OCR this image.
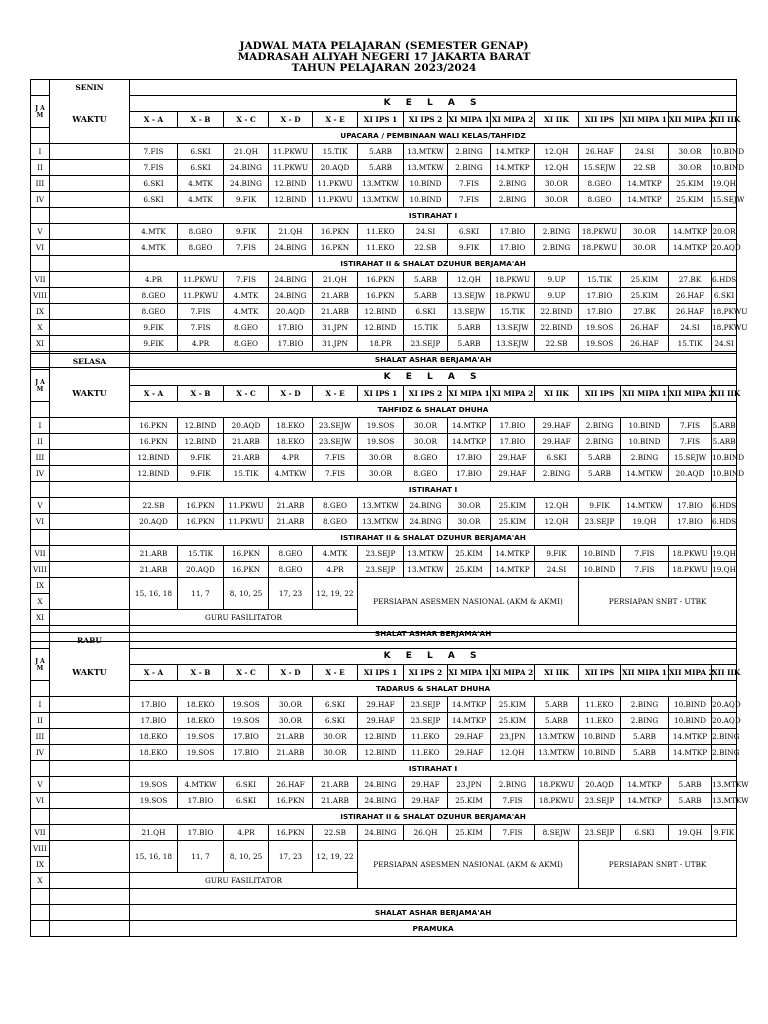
JADWAL MATA PELAJARAN (SEMESTER GENAP)
MADRASAH ALIYAH NEGERI 17 JAKARTA BARAT
TAHUN PELAJARAN 2023/2024
	SENIN														
J A M	WAKTU	K E L A S													
		X - A	X - B	X - C	X - D	X - E	XI IPS 1	XI IPS 2	XI MIPA 1	XI MIPA 2	XI IIK	XII IPS	XII MIPA 1	XII MIPA 2	XII IIK
		UPACARA / PEMBINAAN WALI KELAS/TAHFIDZ													
I		7.FIS	6.SKI	21.QH	11.PKWU	15.TIK	5.ARB	13.MTKW	2.BING	14.MTKP	12.QH	26.HAF	24.SI	30.OR	10.BIND
II		7.FIS	6.SKI	24.BING	11.PKWU	20.AQD	5.ARB	13.MTKW	2.BING	14.MTKP	12.QH	15.SEJW	22.SB	30.OR	10.BIND
III		6.SKI	4.MTK	24.BING	12.BIND	11.PKWU	13.MTKW	10.BIND	7.FIS	2.BING	30.OR	8.GEO	14.MTKP	25.KIM	19.QH
IV		6.SKI	4.MTK	9.FIK	12.BIND	11.PKWU	13.MTKW	10.BIND	7.FIS	2.BING	30.OR	8.GEO	14.MTKP	25.KIM	15.SEJW
		ISTIRAHAT I													
V		4.MTK	8.GEO	9.FIK	21.QH	16.PKN	11.EKO	24.SI	6.SKI	17.BIO	2.BING	18.PKWU	30.OR	14.MTKP	20.OR
VI		4.MTK	8.GEO	7.FIS	24.BING	16.PKN	11.EKO	22.SB	9.FIK	17.BIO	2.BING	18.PKWU	30.OR	14.MTKP	20.AQD
		ISTIRAHAT II & SHALAT DZUHUR BERJAMA'AH													
VII		4.PR	11.PKWU	7.FIS	24.BING	21.QH	16.PKN	5.ARB	12.QH	18.PKWU	9.UP	15.TIK	25.KIM	27.BK	6.HDS
VIII		8.GEO	11.PKWU	4.MTK	24.BING	21.ARB	16.PKN	5.ARB	13.SEJW	18.PKWU	9.UP	17.BIO	25.KIM	26.HAF	6.SKI
IX		8.GEO	7.FIS	4.MTK	20.AQD	21.ARB	12.BIND	6.SKI	13.SEJW	15.TIK	22.BIND	17.BIO	27.BK	26.HAF	18.PKWU
X		9.FIK	7.FIS	8.GEO	17.BIO	31.JPN	12.BIND	15.TIK	5.ARB	13.SEJW	22.BIND	19.SOS	26.HAF	24.SI	18.PKWU
XI		9.FIK	4.PR	8.GEO	17.BIO	31.JPN	18.PR	23.SEJP	5.ARB	13.SEJW	22.SB	19.SOS	26.HAF	15.TIK	24.SI
		SHALAT ASHAR BERJAMA'AH													
	SELASA														
J A M	WAKTU	K E L A S													
		X - A	X - B	X - C	X - D	X - E	XI IPS 1	XI IPS 2	XI MIPA 1	XI MIPA 2	XI IIK	XII IPS	XII MIPA 1	XII MIPA 2	XII IIK
		TAHFIDZ & SHALAT DHUHA													
I		16.PKN	12.BIND	20.AQD	18.EKO	23.SEJW	19.SOS	30.OR	14.MTKP	17.BIO	29.HAF	2.BING	10.BIND	7.FIS	5.ARB
II		16.PKN	12.BIND	21.ARB	18.EKO	23.SEJW	19.SOS	30.OR	14.MTKP	17.BIO	29.HAF	2.BING	10.BIND	7.FIS	5.ARB
III		12.BIND	9.FIK	21.ARB	4.PR	7.FIS	30.OR	8.GEO	17.BIO	29.HAF	6.SKI	5.ARB	2.BING	15.SEJW	10.BIND
IV		12.BIND	9.FIK	15.TIK	4.MTKW	7.FIS	30.OR	8.GEO	17.BIO	29.HAF	2.BING	5.ARB	14.MTKW	20.AQD	10.BIND
		ISTIRAHAT I													
V		22.SB	16.PKN	11.PKWU	21.ARB	8.GEO	13.MTKW	24.BING	30.OR	25.KIM	12.QH	9.FIK	14.MTKW	17.BIO	6.HDS
VI		20.AQD	16.PKN	11.PKWU	21.ARB	8.GEO	13.MTKW	24.BING	30.OR	25.KIM	12.QH	23.SEJP	19.QH	17.BIO	6.HDS
		ISTIRAHAT II & SHALAT DZUHUR BERJAMA'AH													
VII		21.ARB	15.TIK	16.PKN	8.GEO	4.MTK	23.SEJP	13.MTKW	25.KIM	14.MTKP	9.FIK	10.BIND	7.FIS	18.PKWU	19.QH
VIII		21.ARB	20.AQD	16.PKN	8.GEO	4.PR	23.SEJP	13.MTKW	25.KIM	14.MTKP	24.SI	10.BIND	7.FIS	18.PKWU	19.QH
IX		15, 16, 18	11, 7	8, 10, 25	17, 23	12, 19, 22	PERSIAPAN ASESMEN NASIONAL (AKM & AKMI)					PERSIAPAN SNBT - UTBK			
X															
XI		GURU FASILITATOR													
		SHALAT ASHAR BERJAMA'AH													
	RABU														
J A M	WAKTU	K E L A S													
		X - A	X - B	X - C	X - D	X - E	XI IPS 1	XI IPS 2	XI MIPA 1	XI MIPA 2	XI IIK	XII IPS	XII MIPA 1	XII MIPA 2	XII IIK
		TADARUS & SHALAT DHUHA													
I		17.BIO	18.EKO	19.SOS	30.OR	6.SKI	29.HAF	23.SEJP	14.MTKP	25.KIM	5.ARB	11.EKO	2.BING	10.BIND	20.AQD
II		17.BIO	18.EKO	19.SOS	30.OR	6.SKI	29.HAF	23.SEJP	14.MTKP	25.KIM	5.ARB	11.EKO	2.BING	10.BIND	20.AQD
III		18.EKO	19.SOS	17.BIO	21.ARB	30.OR	12.BIND	11.EKO	29.HAF	23.JPN	13.MTKW	10.BIND	5.ARB	14.MTKP	2.BING
IV		18.EKO	19.SOS	17.BIO	21.ARB	30.OR	12.BIND	11.EKO	29.HAF	12.QH	13.MTKW	10.BIND	5.ARB	14.MTKP	2.BING
		ISTIRAHAT I													
V		19.SOS	4.MTKW	6.SKI	26.HAF	21.ARB	24.BING	29.HAF	23.JPN	2.BING	18.PKWU	20.AQD	14.MTKP	5.ARB	13.MTKW
VI		19.SOS	17.BIO	6.SKI	16.PKN	21.ARB	24.BING	29.HAF	25.KIM	7.FIS	18.PKWU	23.SEJP	14.MTKP	5.ARB	13.MTKW
		ISTIRAHAT II & SHALAT DZUHUR BERJAMA'AH													
VII		21.QH	17.BIO	4.PR	16.PKN	22.SB	24.BING	26.QH	25.KIM	7.FIS	8.SEJW	23.SEJP	6.SKI	19.QH	9.FIK
VIII		15, 16, 18	11, 7	8, 10, 25	17, 23	12, 19, 22	PERSIAPAN ASESMEN NASIONAL (AKM & AKMI)					PERSIAPAN SNBT - UTBK			
IX															
X		GURU FASILITATOR													

		SHALAT ASHAR BERJAMA'AH													
		PRAMUKA													
